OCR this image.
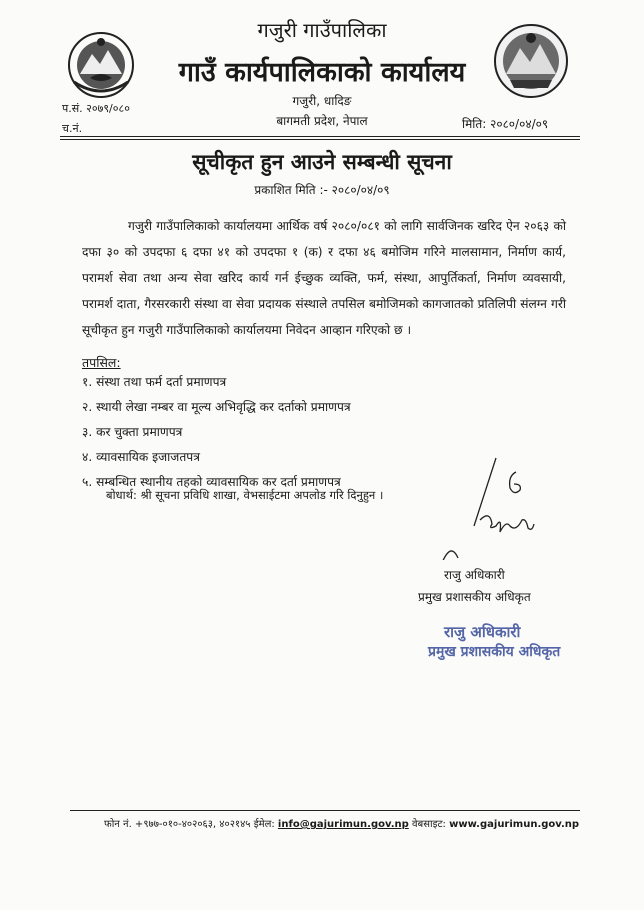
गजुरी गाउँपालिका
गाउँ कार्यपालिकाको कार्यालय
गजुरी, धादिङ
बागमती प्रदेश, नेपाल
प.सं. २०७९/०८०
च.नं.	मिति: २०८०/०४/०९
सूचीकृत हुन आउने सम्बन्धी सूचना
प्रकाशित मिति :- २०८०/०४/०९

गजुरी गाउँपालिकाको कार्यालयमा आर्थिक वर्ष २०८०/०८१ को लागि सार्वजिनक खरिद ऐन २०६३ को दफा ३० को उपदफा ६ दफा ४१ को उपदफा १ (क) र दफा ४६ बमोजिम गरिने मालसामान, निर्माण कार्य, परामर्श सेवा तथा अन्य सेवा खरिद कार्य गर्न ईच्छुक व्यक्ति, फर्म, संस्था, आपुर्तिकर्ता, निर्माण व्यवसायी, परामर्श दाता, गैरसरकारी संस्था वा सेवा प्रदायक संस्थाले तपसिल बमोजिमको कागजातको प्रतिलिपी संलग्न गरी सूचीकृत हुन गजुरी गाउँपालिकाको कार्यालयमा निवेदन आव्हान गरिएको छ ।

तपसिल:
१. संस्था तथा फर्म दर्ता प्रमाणपत्र
२. स्थायी लेखा नम्बर वा मूल्य अभिवृद्धि कर दर्ताको प्रमाणपत्र
३. कर चुक्ता प्रमाणपत्र
४. व्यावसायिक इजाजतपत्र
५. सम्बन्धित स्थानीय तहको व्यावसायिक कर दर्ता प्रमाणपत्र
बोधार्थ: श्री सूचना प्रविधि शाखा, वेभसाईटमा अपलोड गरि दिनुहुन ।
राजु अधिकारी
प्रमुख प्रशासकीय अधिकृत
राजु अधिकारी
प्रमुख प्रशासकीय अधिकृत
फोन नं. +९७७-०१०-४०२०६३, ४०२१४५ ईमेल: info@gajurimun.gov.np वेबसाइट: www.gajurimun.gov.np
